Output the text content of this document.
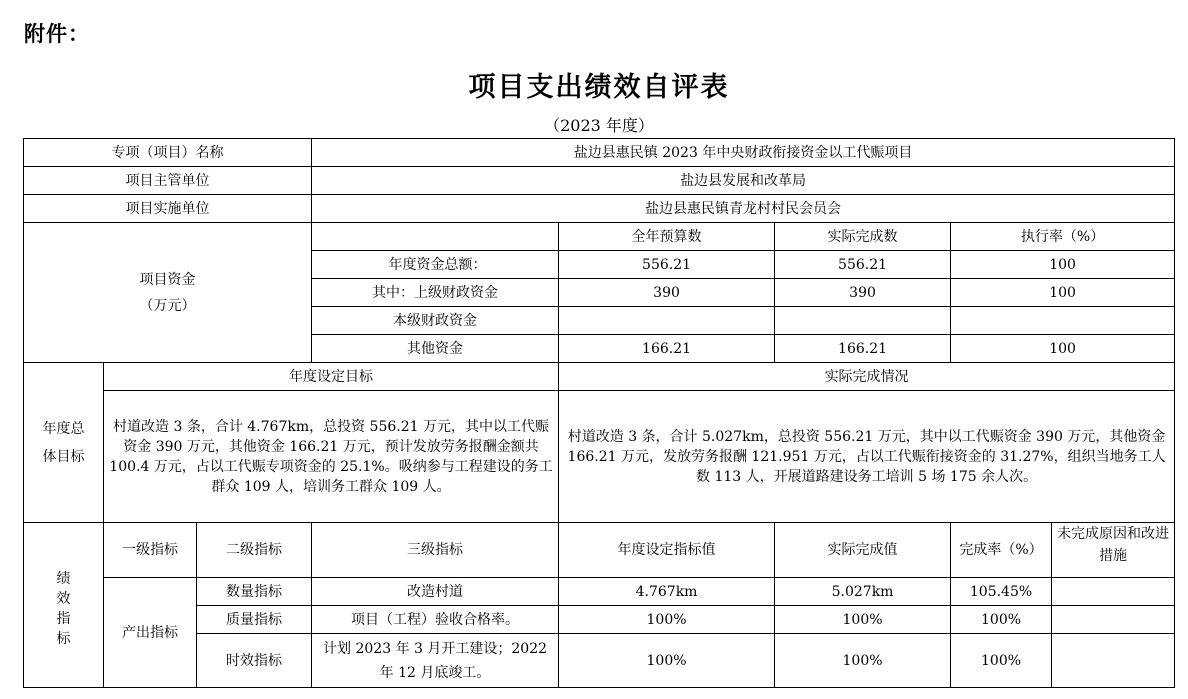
附件：
项目支出绩效自评表
（2023 年度）
专项（项目）名称			盐边县惠民镇 2023 年中央财政衔接资金以工代赈项目				
项目主管单位			盐边县发展和改革局				
项目实施单位			盐边县惠民镇青龙村村民会员会				

项目资金
（万元）				全年预算数	实际完成数	执行率（%）	
			年度资金总额：	556.21	556.21	100	
			其中：上级财政资金	390	390	100	
			本级财政资金				
			其他资金	166.21	166.21	100	

年度总
体目标	年度设定目标			实际完成情况			
	村道改造 3 条，合计 4.767km，总投资 556.21 万元，其中以工代赈资金 390 万元，其他资金 166.21 万元，预计发放劳务报酬金额共 100.4 万元，占以工代赈专项资金的 25.1%。吸纳参与工程建设的务工群众 109 人，培训务工群众 109 人。			村道改造 3 条，合计 5.027km，总投资 556.21 万元，其中以工代赈资金 390 万元，其他资金 166.21 万元，发放劳务报酬 121.951 万元，占以工代赈衔接资金的 31.27%，组织当地务工人数 113 人，开展道路建设务工培训 5 场 175 余人次。			

绩
效
指
标	一级指标	二级指标	三级指标	年度设定指标值	实际完成值	完成率（%）	未完成原因和改进措施
	产出指标	数量指标	改造村道	4.767km	5.027km	105.45%	
		质量指标	项目（工程）验收合格率。	100%	100%	100%	
		时效指标	计划 2023 年 3 月开工建设；2022 年 12 月底竣工。	100%	100%	100%	
